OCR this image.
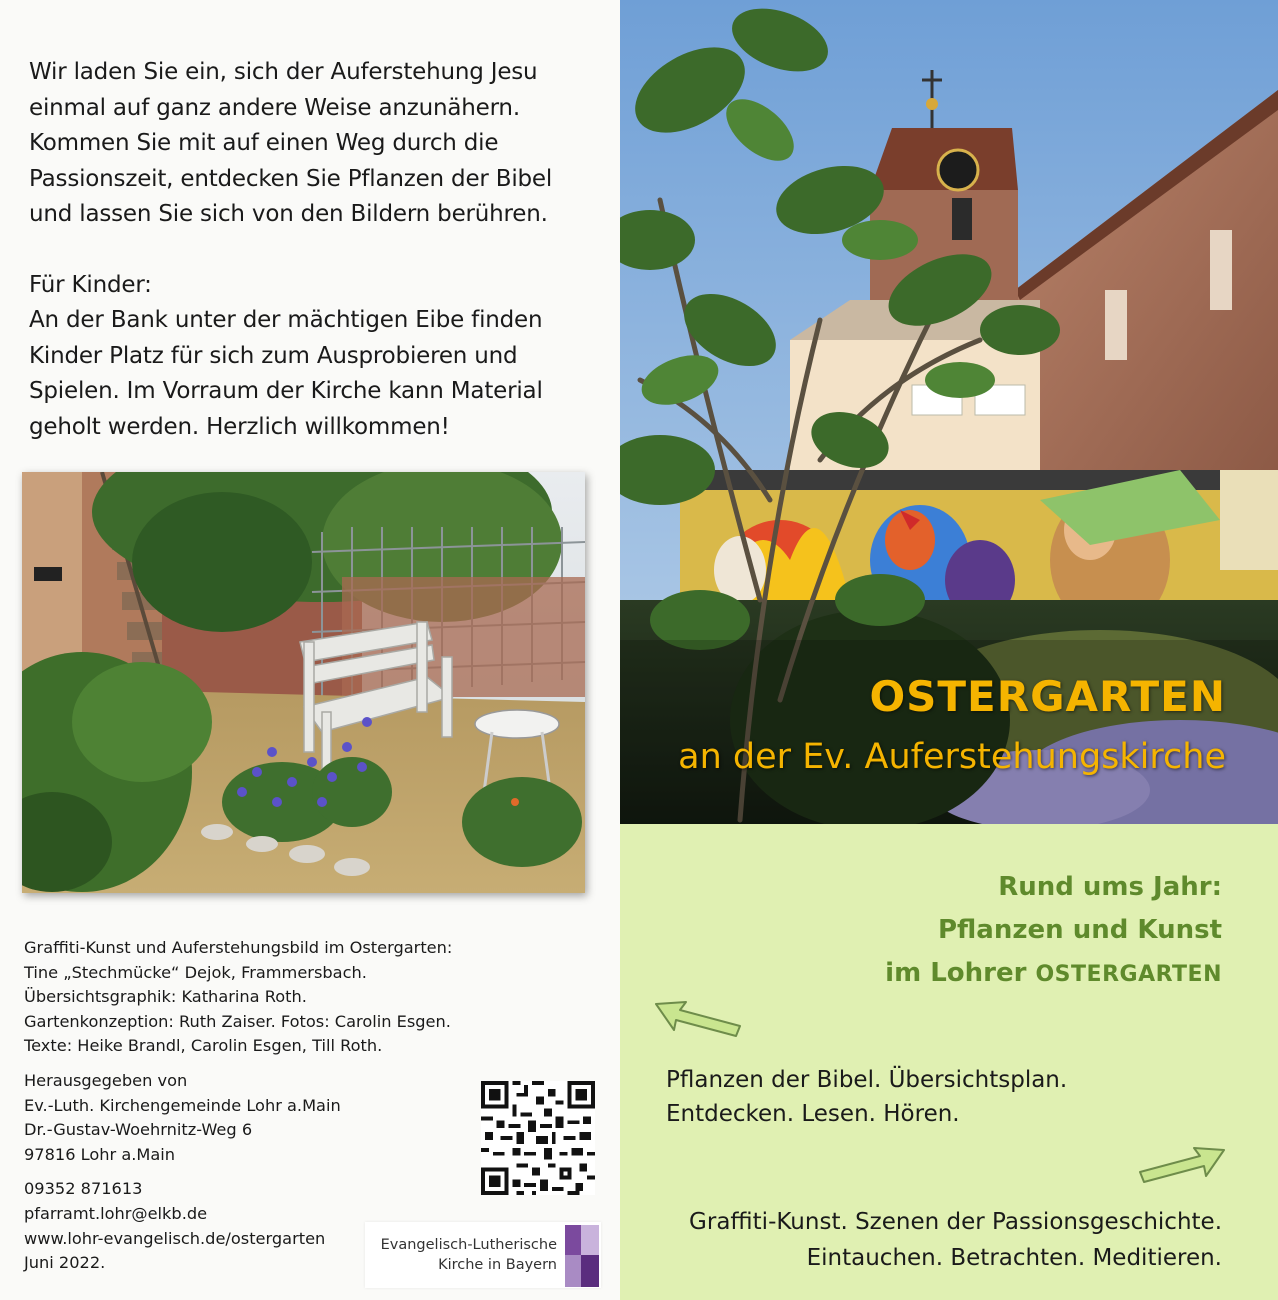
Wir laden Sie ein, sich der Auferstehung Jesu
einmal auf ganz andere Weise anzunähern.
Kommen Sie mit auf einen Weg durch die
Passionszeit, entdecken Sie Pflanzen der Bibel
und lassen Sie sich von den Bildern berühren.

Für Kinder:
An der Bank unter der mächtigen Eibe finden
Kinder Platz für sich zum Ausprobieren und
Spielen. Im Vorraum der Kirche kann Material
geholt werden. Herzlich willkommen!

Graffiti-Kunst und Auferstehungsbild im Ostergarten:
Tine „Stechmücke“ Dejok, Frammersbach.
Übersichtsgraphik: Katharina Roth.
Gartenkonzeption: Ruth Zaiser. Fotos: Carolin Esgen.
Texte: Heike Brandl, Carolin Esgen, Till Roth.
Herausgegeben von
Ev.-Luth. Kirchengemeinde Lohr a.Main
Dr.-Gustav-Woehrnitz-Weg 6
97816 Lohr a.Main
09352 871613
pfarramt.lohr@elkb.de
www.lohr-evangelisch.de/ostergarten
Juni 2022.
Evangelisch-Lutherische
Kirche in Bayern
OSTERGARTEN
an der Ev. Auferstehungskirche
Rund ums Jahr:
Pflanzen und Kunst
im Lohrer OSTERGARTEN
Pflanzen der Bibel. Übersichtsplan.
Entdecken. Lesen. Hören.
Graffiti-Kunst. Szenen der Passionsgeschichte.
Eintauchen. Betrachten. Meditieren.
